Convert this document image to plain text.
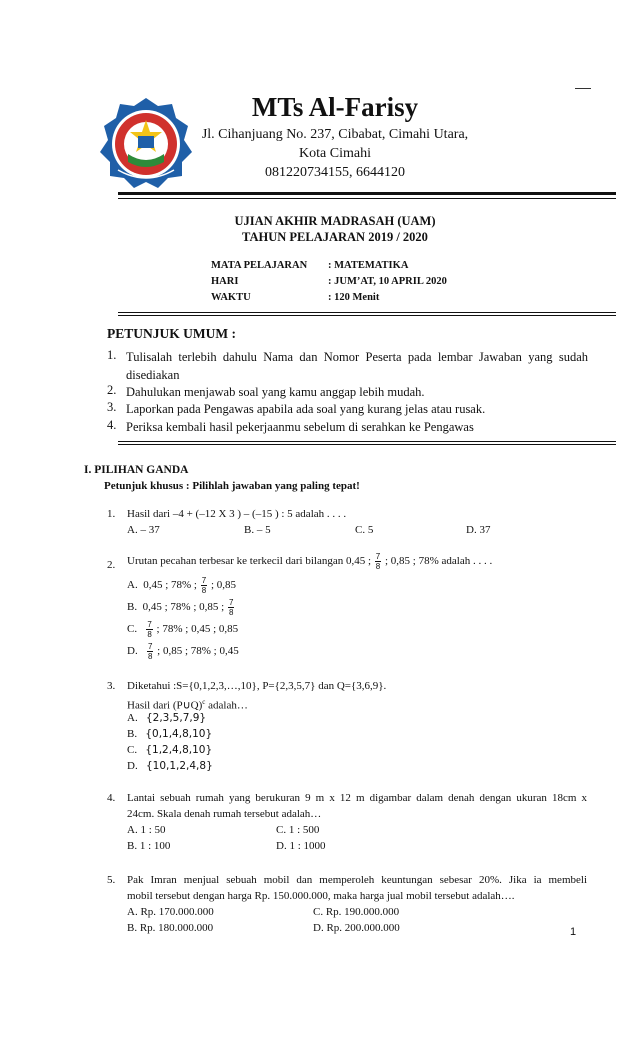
MTs Al-Farisy
Jl. Cihanjuang No. 237, Cibabat, Cimahi Utara,
Kota Cimahi
081220734155, 6644120
UJIAN AKHIR MADRASAH (UAM)
TAHUN PELAJARAN 2019 / 2020
MATA PELAJARAN : MATEMATIKA
HARI	: JUM’AT, 10 APRIL 2020
WAKTU	: 120 Menit
PETUNJUK UMUM :
1. Tulisalah terlebih dahulu Nama dan Nomor Peserta pada lembar Jawaban yang sudah
disediakan
2. Dahulukan menjawab soal yang kamu anggap lebih mudah.
3. Laporkan pada Pengawas apabila ada soal yang kurang jelas atau rusak.
4. Periksa kembali hasil pekerjaanmu sebelum di serahkan ke Pengawas
I. PILIHAN GANDA
Petunjuk khusus : Pilihlah jawaban yang paling tepat!
1. Hasil dari –4 + (–12 X 3 ) – (–15 ) : 5 adalah . . . .
A. – 37	B. – 5	C. 5	D. 37
2. Urutan pecahan terbesar ke terkecil dari bilangan 0,45 ; $\frac{7}{8}$ ; 0,85 ; 78% adalah . . . .
A. 0,45 ; 78% ; $\frac{7}{8}$ ; 0,85
B. 0,45 ; 78% ; 0,85 ; $\frac{7}{8}$
C. $\frac{7}{8}$ ; 78% ; 0,45 ; 0,85
D. $\frac{7}{8}$ ; 0,85 ; 78% ; 0,45
3. Diketahui :S={0,1,2,3,…,10}, P={2,3,5,7} dan Q={3,6,9}.
Hasil dari (P∪Q)$^c$ adalah…
A. {2,3,5,7,9}
B. {0,1,4,8,10}
C. {1,2,4,8,10}
D. {10,1,2,4,8}
4. Lantai sebuah rumah yang berukuran 9 m x 12 m digambar dalam denah dengan ukuran 18cm x
24cm. Skala denah rumah tersebut adalah…
A. 1 : 50	C. 1 : 500
B. 1 : 100	D. 1 : 1000
5. Pak Imran menjual sebuah mobil dan memperoleh keuntungan sebesar 20%. Jika ia membeli
mobil tersebut dengan harga Rp. 150.000.000, maka harga jual mobil tersebut adalah….
A. Rp. 170.000.000	C. Rp. 190.000.000
B. Rp. 180.000.000	D. Rp. 200.000.000	1
